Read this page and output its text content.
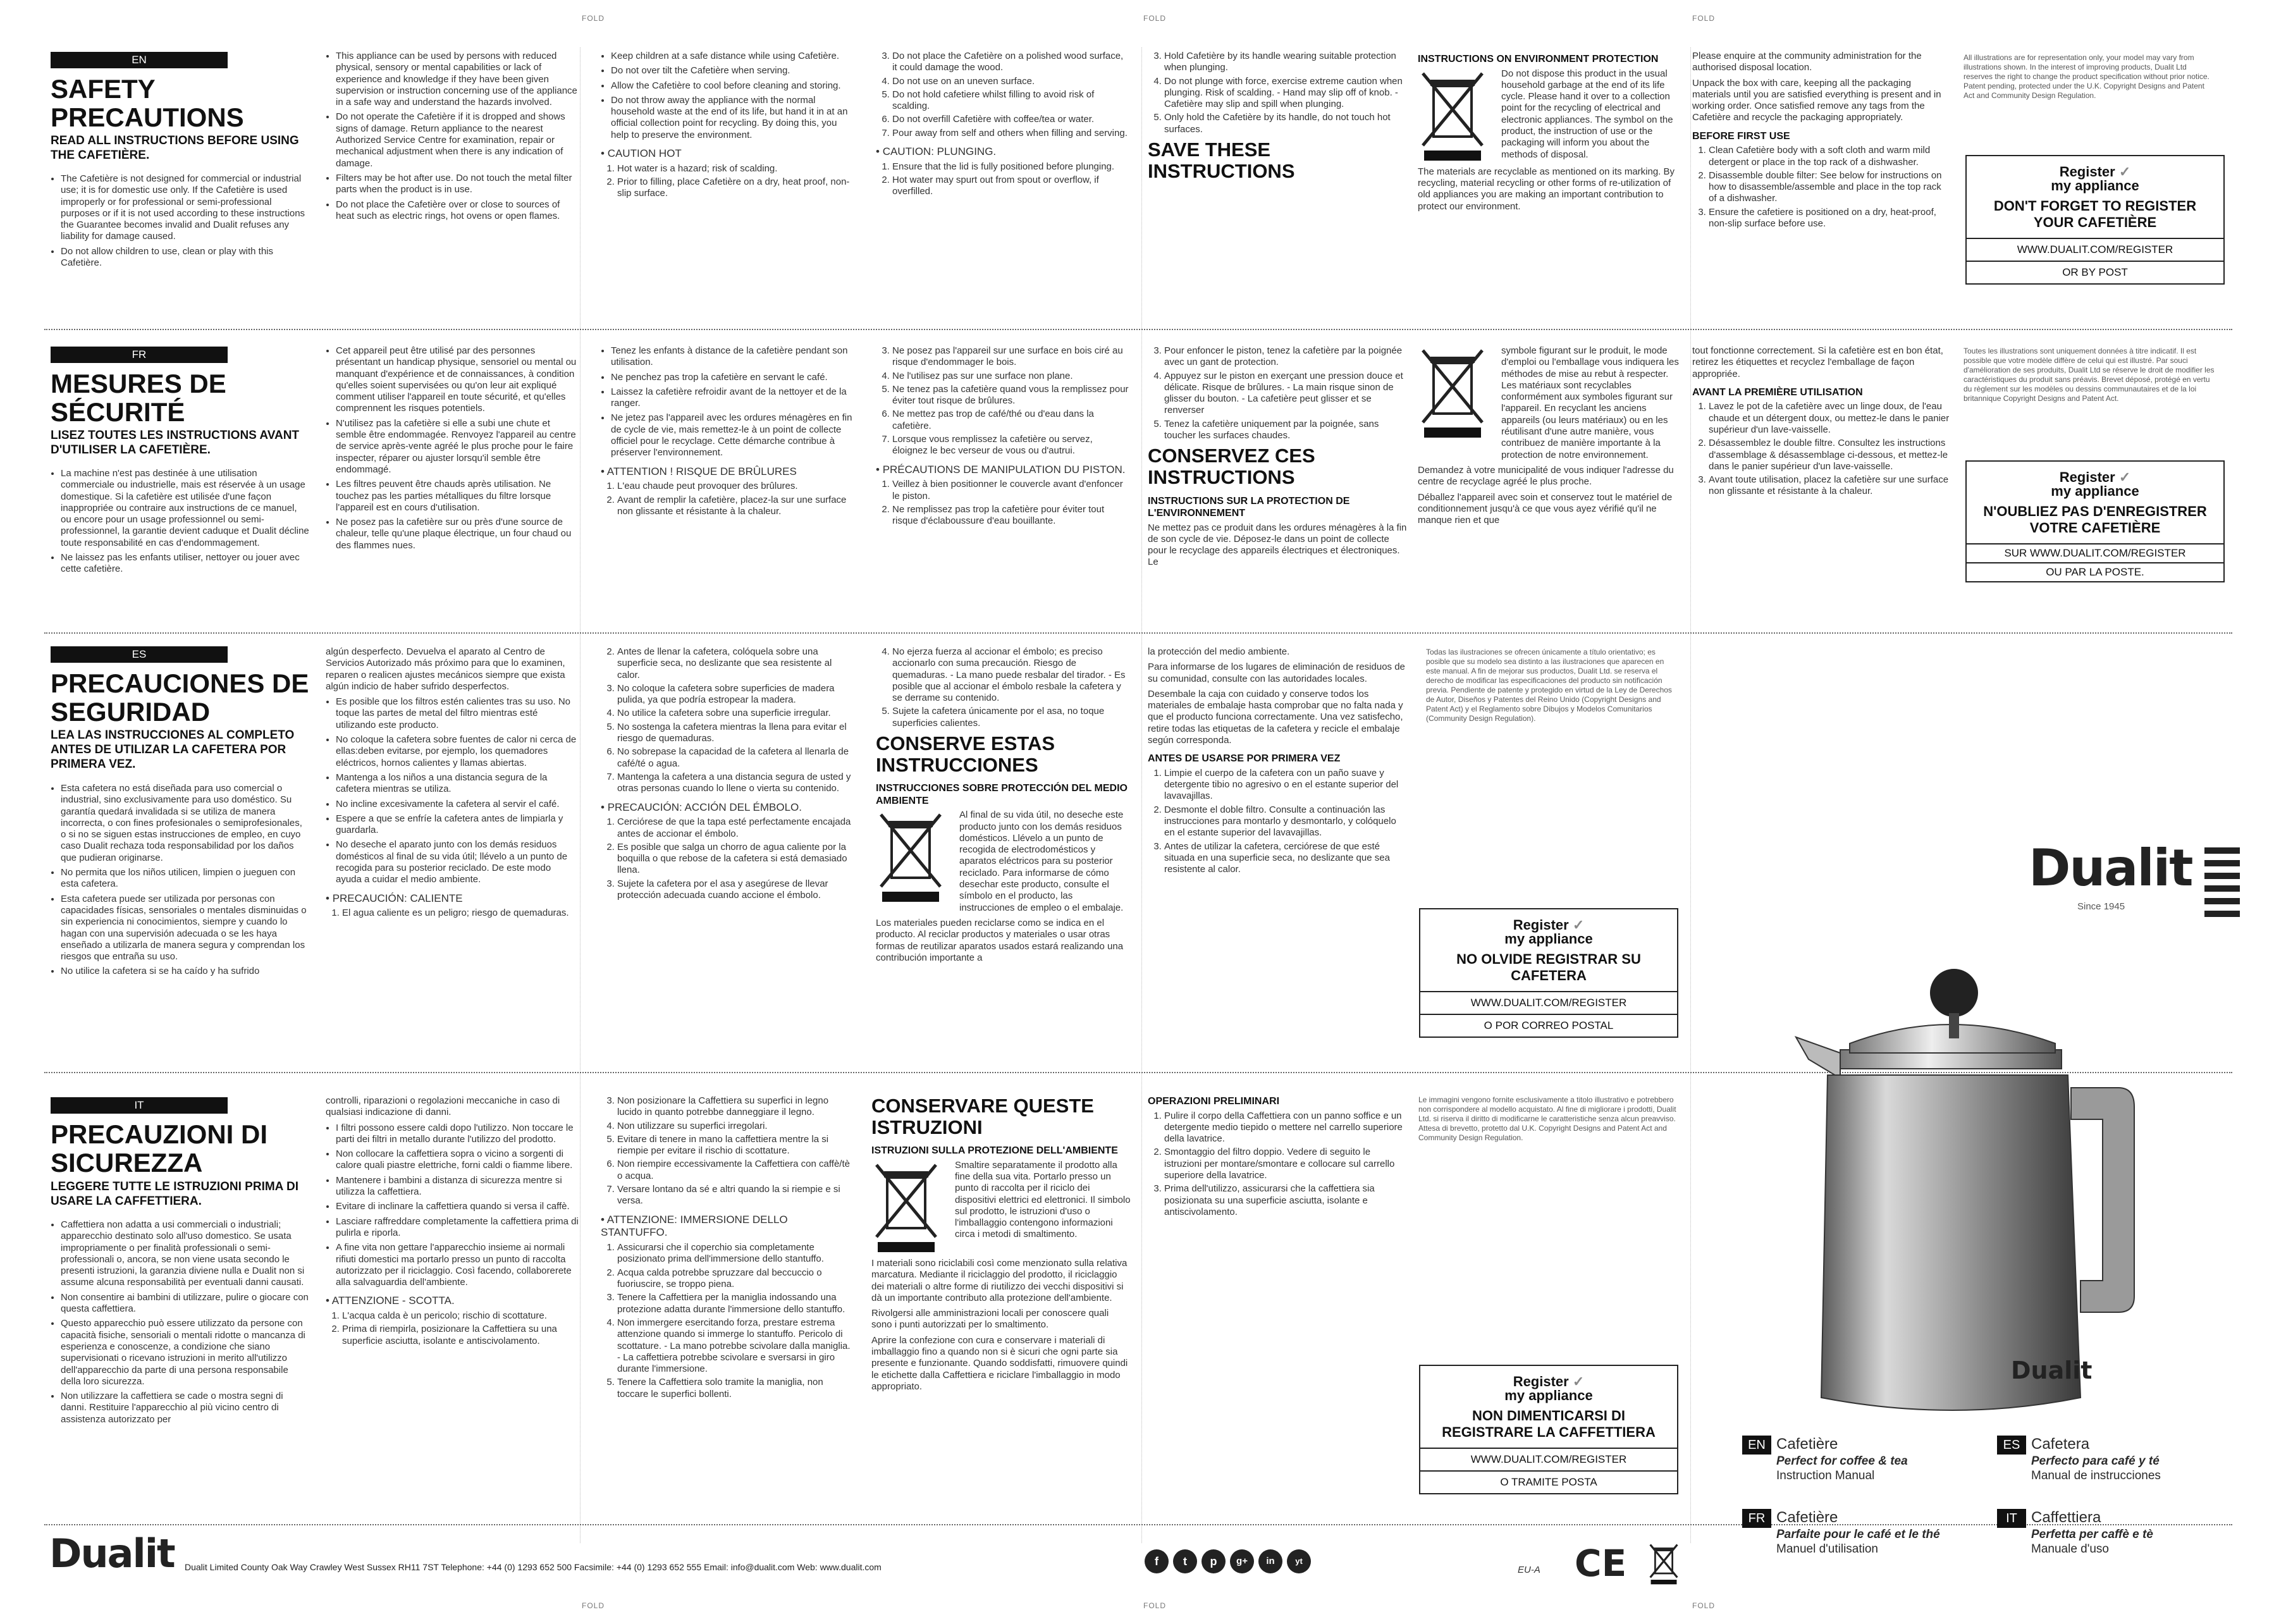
FOLD	FOLD	FOLD
FOLD	FOLD	FOLD
EN
SAFETY PRECAUTIONS
READ ALL INSTRUCTIONS BEFORE USING THE CAFETIÈRE.
• The Cafetière is not designed for commercial or industrial use; it is for domestic use only. If the Cafetière is used improperly or for professional or semi-professional purposes or if it is not used according to these instructions the Guarantee becomes invalid and Dualit refuses any liability for damage caused.
• Do not allow children to use, clean or play with this Cafetière.
• This appliance can be used by persons with reduced physical, sensory or mental capabilities or lack of experience and knowledge if they have been given supervision or instruction concerning use of the appliance in a safe way and understand the hazards involved.
• Do not operate the Cafetière if it is dropped and shows signs of damage. Return appliance to the nearest Authorized Service Centre for examination, repair or mechanical adjustment when there is any indication of damage.
• Filters may be hot after use. Do not touch the metal filter parts when the product is in use.
• Do not place the Cafetière over or close to sources of heat such as electric rings, hot ovens or open flames.
• Keep children at a safe distance while using Cafetière.
• Do not over tilt the Cafetière when serving.
• Allow the Cafetière to cool before cleaning and storing.
• Do not throw away the appliance with the normal household waste at the end of its life, but hand it in at an official collection point for recycling. By doing this, you help to preserve the environment.
• CAUTION HOT
1. Hot water is a hazard; risk of scalding.
2. Prior to filling, place Cafetière on a dry, heat proof, non-slip surface.
3. Do not place the Cafetière on a polished wood surface, it could damage the wood.
4. Do not use on an uneven surface.
5. Do not hold cafetiere whilst filling to avoid risk of scalding.
6. Do not overfill Cafetière with coffee/tea or water.
7. Pour away from self and others when filling and serving.
• CAUTION: PLUNGING.
1. Ensure that the lid is fully positioned before plunging.
2. Hot water may spurt out from spout or overflow, if overfilled.
3. Hold Cafetière by its handle wearing suitable protection when plunging.
4. Do not plunge with force, exercise extreme caution when plunging. Risk of scalding. - Hand may slip off of knob. - Cafetière may slip and spill when plunging.
5. Only hold the Cafetière by its handle, do not touch hot surfaces.
SAVE THESE INSTRUCTIONS
INSTRUCTIONS ON ENVIRONMENT PROTECTION

Do not dispose this product in the usual household garbage at the end of its life cycle. Please hand it over to a collection point for the recycling of electrical and electronic appliances. The symbol on the product, the instruction of use or the packaging will inform you about the methods of disposal.

The materials are recyclable as mentioned on its marking. By recycling, material recycling or other forms of re-utilization of old appliances you are making an important contribution to protect our environment.

Please enquire at the community administration for the authorised disposal location.

Unpack the box with care, keeping all the packaging materials until you are satisfied everything is present and in working order. Once satisfied remove any tags from the Cafetière and recycle the packaging appropriately.

BEFORE FIRST USE
1. Clean Cafetière body with a soft cloth and warm mild detergent or place in the top rack of a dishwasher.
2. Disassemble double filter: See below for instructions on how to disassemble/assemble and place in the top rack of a dishwasher.
3. Ensure the cafetiere is positioned on a dry, heat-proof, non-slip surface before use.
All illustrations are for representation only, your model may vary from illustrations shown. In the interest of improving products, Dualit Ltd reserves the right to change the product specification without prior notice. Patent pending, protected under the U.K. Copyright Designs and Patent Act and Community Design Regulation.
Register ✓
my appliance
DON'T FORGET TO REGISTER YOUR CAFETIÈRE
WWW.DUALIT.COM/REGISTER
OR BY POST
FR
MESURES DE SÉCURITÉ
LISEZ TOUTES LES INSTRUCTIONS AVANT D'UTILISER LA CAFETIÈRE.
• La machine n'est pas destinée à une utilisation commerciale ou industrielle, mais est réservée à un usage domestique. Si la cafetière est utilisée d'une façon inappropriée ou contraire aux instructions de ce manuel, ou encore pour un usage professionnel ou semi-professionnel, la garantie devient caduque et Dualit décline toute responsabilité en cas d'endommagement.
• Ne laissez pas les enfants utiliser, nettoyer ou jouer avec cette cafetière.
• Cet appareil peut être utilisé par des personnes présentant un handicap physique, sensoriel ou mental ou manquant d'expérience et de connaissances, à condition qu'elles soient supervisées ou qu'on leur ait expliqué comment utiliser l'appareil en toute sécurité, et qu'elles comprennent les risques potentiels.
• N'utilisez pas la cafetière si elle a subi une chute et semble être endommagée. Renvoyez l'appareil au centre de service après-vente agréé le plus proche pour le faire inspecter, réparer ou ajuster lorsqu'il semble être endommagé.
• Les filtres peuvent être chauds après utilisation. Ne touchez pas les parties métalliques du filtre lorsque l'appareil est en cours d'utilisation.
• Ne posez pas la cafetière sur ou près d'une source de chaleur, telle qu'une plaque électrique, un four chaud ou des flammes nues.
• Tenez les enfants à distance de la cafetière pendant son utilisation.
• Ne penchez pas trop la cafetière en servant le café.
• Laissez la cafetière refroidir avant de la nettoyer et de la ranger.
• Ne jetez pas l'appareil avec les ordures ménagères en fin de cycle de vie, mais remettez-le à un point de collecte officiel pour le recyclage. Cette démarche contribue à préserver l'environnement.
• ATTENTION ! RISQUE DE BRÛLURES
1. L'eau chaude peut provoquer des brûlures.
2. Avant de remplir la cafetière, placez-la sur une surface non glissante et résistante à la chaleur.
3. Ne posez pas l'appareil sur une surface en bois ciré au risque d'endommager le bois.
4. Ne l'utilisez pas sur une surface non plane.
5. Ne tenez pas la cafetière quand vous la remplissez pour éviter tout risque de brûlures.
6. Ne mettez pas trop de café/thé ou d'eau dans la cafetière.
7. Lorsque vous remplissez la cafetière ou servez, éloignez le bec verseur de vous ou d'autrui.
• PRÉCAUTIONS DE MANIPULATION DU PISTON.
1. Veillez à bien positionner le couvercle avant d'enfoncer le piston.
2. Ne remplissez pas trop la cafetière pour éviter tout risque d'éclaboussure d'eau bouillante.
3. Pour enfoncer le piston, tenez la cafetière par la poignée avec un gant de protection.
4. Appuyez sur le piston en exerçant une pression douce et délicate. Risque de brûlures. - La main risque sinon de glisser du bouton. - La cafetière peut glisser et se renverser
5. Tenez la cafetière uniquement par la poignée, sans toucher les surfaces chaudes.
CONSERVEZ CES INSTRUCTIONS
INSTRUCTIONS SUR LA PROTECTION DE L'ENVIRONNEMENT

Ne mettez pas ce produit dans les ordures ménagères à la fin de son cycle de vie. Déposez-le dans un point de collecte pour le recyclage des appareils électriques et électroniques. Le

symbole figurant sur le produit, le mode d'emploi ou l'emballage vous indiquera les méthodes de mise au rebut à respecter. Les matériaux sont recyclables conformément aux symboles figurant sur l'appareil. En recyclant les anciens appareils (ou leurs matériaux) ou en les réutilisant d'une autre manière, vous contribuez de manière importante à la protection de notre environnement.

Demandez à votre municipalité de vous indiquer l'adresse du centre de recyclage agréé le plus proche.

Déballez l'appareil avec soin et conservez tout le matériel de conditionnement jusqu'à ce que vous ayez vérifié qu'il ne manque rien et que

tout fonctionne correctement. Si la cafetière est en bon état, retirez les étiquettes et recyclez l'emballage de façon appropriée.

AVANT LA PREMIÈRE UTILISATION
1. Lavez le pot de la cafetière avec un linge doux, de l'eau chaude et un détergent doux, ou mettez-le dans le panier supérieur d'un lave-vaisselle.
2. Désassemblez le double filtre. Consultez les instructions d'assemblage & désassemblage ci-dessous, et mettez-le dans le panier supérieur d'un lave-vaisselle.
3. Avant toute utilisation, placez la cafetière sur une surface non glissante et résistante à la chaleur.
Toutes les illustrations sont uniquement données à titre indicatif. Il est possible que votre modèle diffère de celui qui est illustré. Par souci d'amélioration de ses produits, Dualit Ltd se réserve le droit de modifier les caractéristiques du produit sans préavis. Brevet déposé, protégé en vertu du règlement sur les modèles ou dessins communautaires et de la loi britannique Copyright Designs and Patent Act.
Register ✓
my appliance
N'OUBLIEZ PAS D'ENREGISTRER VOTRE CAFETIÈRE
SUR WWW.DUALIT.COM/REGISTER
OU PAR LA POSTE.
ES
PRECAUCIONES DE SEGURIDAD
LEA LAS INSTRUCCIONES AL COMPLETO ANTES DE UTILIZAR LA CAFETERA POR PRIMERA VEZ.
• Esta cafetera no está diseñada para uso comercial o industrial, sino exclusivamente para uso doméstico. Su garantía quedará invalidada si se utiliza de manera incorrecta, o con fines profesionales o semiprofesionales, o si no se siguen estas instrucciones de empleo, en cuyo caso Dualit rechaza toda responsabilidad por los daños que pudieran originarse.
• No permita que los niños utilicen, limpien o jueguen con esta cafetera.
• Esta cafetera puede ser utilizada por personas con capacidades físicas, sensoriales o mentales disminuidas o sin experiencia ni conocimientos, siempre y cuando lo hagan con una supervisión adecuada o se les haya enseñado a utilizarla de manera segura y comprendan los riesgos que entraña su uso.
• No utilice la cafetera si se ha caído y ha sufrido

algún desperfecto. Devuelva el aparato al Centro de Servicios Autorizado más próximo para que lo examinen, reparen o realicen ajustes mecánicos siempre que exista algún indicio de haber sufrido desperfectos.

• Es posible que los filtros estén calientes tras su uso. No toque las partes de metal del filtro mientras esté utilizando este producto.
• No coloque la cafetera sobre fuentes de calor ni cerca de ellas:deben evitarse, por ejemplo, los quemadores eléctricos, hornos calientes y llamas abiertas.
• Mantenga a los niños a una distancia segura de la cafetera mientras se utiliza.
• No incline excesivamente la cafetera al servir el café.
• Espere a que se enfríe la cafetera antes de limpiarla y guardarla.
• No deseche el aparato junto con los demás residuos domésticos al final de su vida útil; llévelo a un punto de recogida para su posterior reciclado. De este modo ayuda a cuidar el medio ambiente.
• PRECAUCIÓN: CALIENTE
1. El agua caliente es un peligro; riesgo de quemaduras.
2. Antes de llenar la cafetera, colóquela sobre una superficie seca, no deslizante que sea resistente al calor.
3. No coloque la cafetera sobre superficies de madera pulida, ya que podría estropear la madera.
4. No utilice la cafetera sobre una superficie irregular.
5. No sostenga la cafetera mientras la llena para evitar el riesgo de quemaduras.
6. No sobrepase la capacidad de la cafetera al llenarla de café/té o agua.
7. Mantenga la cafetera a una distancia segura de usted y otras personas cuando lo llene o vierta su contenido.
• PRECAUCIÓN: ACCIÓN DEL ÉMBOLO.
1. Cerciórese de que la tapa esté perfectamente encajada antes de accionar el émbolo.
2. Es posible que salga un chorro de agua caliente por la boquilla o que rebose de la cafetera si está demasiado llena.
3. Sujete la cafetera por el asa y asegúrese de llevar protección adecuada cuando accione el émbolo.
4. No ejerza fuerza al accionar el émbolo; es preciso accionarlo con suma precaución. Riesgo de quemaduras. - La mano puede resbalar del tirador. - Es posible que al accionar el émbolo resbale la cafetera y se derrame su contenido.
5. Sujete la cafetera únicamente por el asa, no toque superficies calientes.
CONSERVE ESTAS INSTRUCCIONES
INSTRUCCIONES SOBRE PROTECCIÓN DEL MEDIO AMBIENTE

Al final de su vida útil, no deseche este producto junto con los demás residuos domésticos. Llévelo a un punto de recogida de electrodomésticos y aparatos eléctricos para su posterior reciclado. Para informarse de cómo desechar este producto, consulte el símbolo en el producto, las instrucciones de empleo o el embalaje.

Los materiales pueden reciclarse como se indica en el producto. Al reciclar productos y materiales o usar otras formas de reutilizar aparatos usados estará realizando una contribución importante a

la protección del medio ambiente.

Para informarse de los lugares de eliminación de residuos de su comunidad, consulte con las autoridades locales.

Desembale la caja con cuidado y conserve todos los materiales de embalaje hasta comprobar que no falta nada y que el producto funciona correctamente. Una vez satisfecho, retire todas las etiquetas de la cafetera y recicle el embalaje según corresponda.

ANTES DE USARSE POR PRIMERA VEZ
1. Limpie el cuerpo de la cafetera con un paño suave y detergente tibio no agresivo o en el estante superior del lavavajillas.
2. Desmonte el doble filtro. Consulte a continuación las instrucciones para montarlo y desmontarlo, y colóquelo en el estante superior del lavavajillas.
3. Antes de utilizar la cafetera, cerciórese de que esté situada en una superficie seca, no deslizante que sea resistente al calor.
Todas las ilustraciones se ofrecen únicamente a título orientativo; es posible que su modelo sea distinto a las ilustraciones que aparecen en este manual. A fin de mejorar sus productos, Dualit Ltd. se reserva el derecho de modificar las especificaciones del producto sin notificación previa. Pendiente de patente y protegido en virtud de la Ley de Derechos de Autor, Diseños y Patentes del Reino Unido (Copyright Designs and Patent Act) y el Reglamento sobre Dibujos y Modelos Comunitarios (Community Design Regulation).
Register ✓
my appliance
NO OLVIDE REGISTRAR SU CAFETERA
WWW.DUALIT.COM/REGISTER
O POR CORREO POSTAL
IT
PRECAUZIONI DI SICUREZZA
LEGGERE TUTTE LE ISTRUZIONI PRIMA DI USARE LA CAFFETTIERA.
• Caffettiera non adatta a usi commerciali o industriali; apparecchio destinato solo all'uso domestico. Se usata impropriamente o per finalità professionali o semi-professionali o, ancora, se non viene usata secondo le presenti istruzioni, la garanzia diviene nulla e Dualit non si assume alcuna responsabilità per eventuali danni causati.
• Non consentire ai bambini di utilizzare, pulire o giocare con questa caffettiera.
• Questo apparecchio può essere utilizzato da persone con capacità fisiche, sensoriali o mentali ridotte o mancanza di esperienza e conoscenze, a condizione che siano supervisionati o ricevano istruzioni in merito all'utilizzo dell'apparecchio da parte di una persona responsabile della loro sicurezza.
• Non utilizzare la caffettiera se cade o mostra segni di danni. Restituire l'apparecchio al più vicino centro di assistenza autorizzato per

controlli, riparazioni o regolazioni meccaniche in caso di qualsiasi indicazione di danni.

• I filtri possono essere caldi dopo l'utilizzo. Non toccare le parti dei filtri in metallo durante l'utilizzo del prodotto.
• Non collocare la caffettiera sopra o vicino a sorgenti di calore quali piastre elettriche, forni caldi o fiamme libere.
• Mantenere i bambini a distanza di sicurezza mentre si utilizza la caffettiera.
• Evitare di inclinare la caffettiera quando si versa il caffè.
• Lasciare raffreddare completamente la caffettiera prima di pulirla e riporla.
• A fine vita non gettare l'apparecchio insieme ai normali rifiuti domestici ma portarlo presso un punto di raccolta autorizzato per il riciclaggio. Così facendo, collaborerete alla salvaguardia dell'ambiente.
• ATTENZIONE - SCOTTA.
1. L'acqua calda è un pericolo; rischio di scottature.
2. Prima di riempirla, posizionare la Caffettiera su una superficie asciutta, isolante e antiscivolamento.
3. Non posizionare la Caffettiera su superfici in legno lucido in quanto potrebbe danneggiare il legno.
4. Non utilizzare su superfici irregolari.
5. Evitare di tenere in mano la caffettiera mentre la si riempie per evitare il rischio di scottature.
6. Non riempire eccessivamente la Caffettiera con caffè/tè o acqua.
7. Versare lontano da sé e altri quando la si riempie e si versa.
• ATTENZIONE: IMMERSIONE DELLO STANTUFFO.
1. Assicurarsi che il coperchio sia completamente posizionato prima dell'immersione dello stantuffo.
2. Acqua calda potrebbe spruzzare dal beccuccio o fuoriuscire, se troppo piena.
3. Tenere la Caffettiera per la maniglia indossando una protezione adatta durante l'immersione dello stantuffo.
4. Non immergere esercitando forza, prestare estrema attenzione quando si immerge lo stantuffo. Pericolo di scottature. - La mano potrebbe scivolare dalla maniglia. - La caffettiera potrebbe scivolare e sversarsi in giro durante l'immersione.
5. Tenere la Caffettiera solo tramite la maniglia, non toccare le superfici bollenti.
CONSERVARE QUESTE ISTRUZIONI
ISTRUZIONI SULLA PROTEZIONE DELL'AMBIENTE

Smaltire separatamente il prodotto alla fine della sua vita. Portarlo presso un punto di raccolta per il riciclo dei dispositivi elettrici ed elettronici. Il simbolo sul prodotto, le istruzioni d'uso o l'imballaggio contengono informazioni circa i metodi di smaltimento.

I materiali sono riciclabili così come menzionato sulla relativa marcatura. Mediante il riciclaggio del prodotto, il riciclaggio dei materiali o altre forme di riutilizzo dei vecchi dispositivi si dà un importante contributo alla protezione dell'ambiente.

Rivolgersi alle amministrazioni locali per conoscere quali sono i punti autorizzati per lo smaltimento.

Aprire la confezione con cura e conservare i materiali di imballaggio fino a quando non si è sicuri che ogni parte sia presente e funzionante. Quando soddisfatti, rimuovere quindi le etichette dalla Caffettiera e riciclare l'imballaggio in modo appropriato.

OPERAZIONI PRELIMINARI
1. Pulire il corpo della Caffettiera con un panno soffice e un detergente medio tiepido o mettere nel carrello superiore della lavatrice.
2. Smontaggio del filtro doppio. Vedere di seguito le istruzioni per montare/smontare e collocare sul carrello superiore della lavatrice.
3. Prima dell'utilizzo, assicurarsi che la caffettiera sia posizionata su una superficie asciutta, isolante e antiscivolamento.
Le immagini vengono fornite esclusivamente a titolo illustrativo e potrebbero non corrispondere al modello acquistato. Al fine di migliorare i prodotti, Dualit Ltd. si riserva il diritto di modificarne le caratteristiche senza alcun preavviso. Attesa di brevetto, protetto dal U.K. Copyright Designs and Patent Act and Community Design Regulation.
Register ✓
my appliance
NON DIMENTICARSI DI REGISTRARE LA CAFFETTIERA
WWW.DUALIT.COM/REGISTER
O TRAMITE POSTA
Dualit
Since 1945
Dualit
EN Cafetière
Perfect for coffee & tea
Instruction Manual
ES Cafetera
Perfecto para café y té
Manual de instrucciones
FR Cafetière
Parfaite pour le café et le thé
Manuel d'utilisation
IT Caffettiera
Perfetta per caffè e tè
Manuale d'uso
Dualit Dualit Limited County Oak Way Crawley West Sussex RH11 7ST Telephone: +44 (0) 1293 652 500 Facsimile: +44 (0) 1293 652 555 Email: info@dualit.com Web: www.dualit.com	f	t	p	g+	in	yt
EU-A CE
